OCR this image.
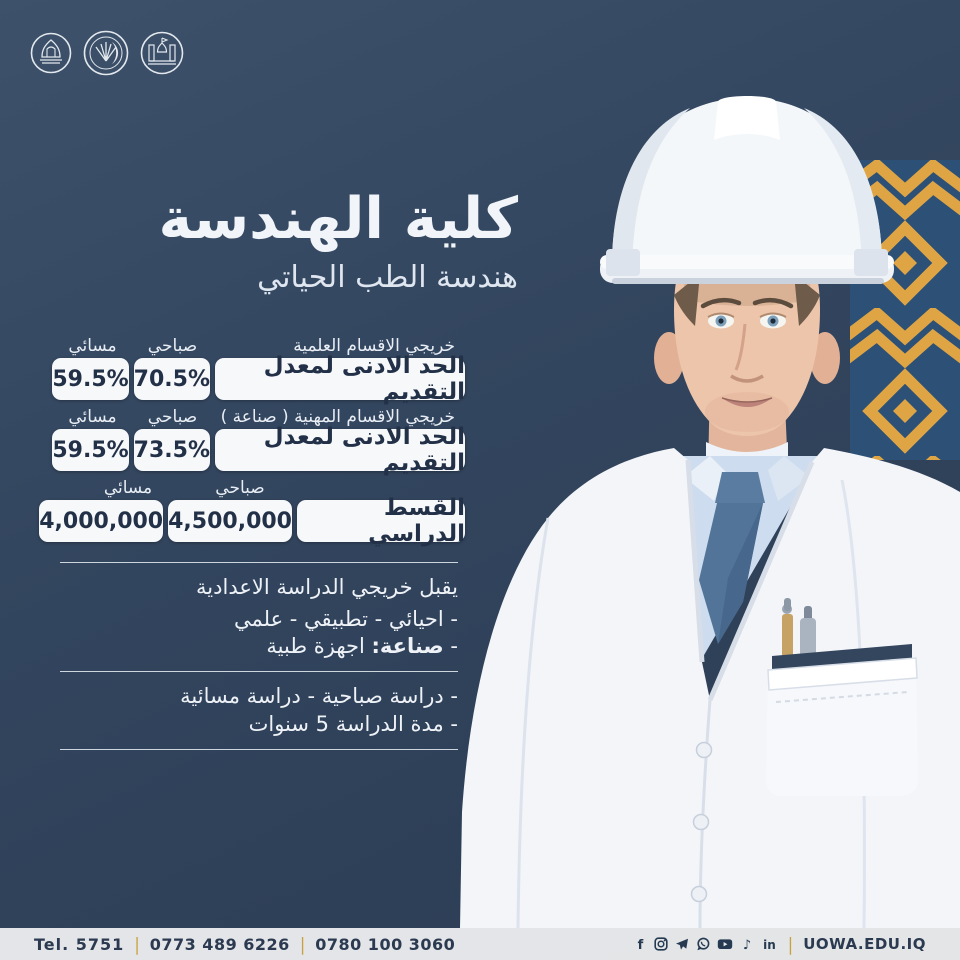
كلية الهندسة
هندسة الطب الحياتي
خريجي الاقسام العلمية
صباحي
مسائي
الحد الادنى لمعدل التقديم
70.5%
59.5%
خريجي الاقسام المهنية ( صناعة )
صباحي
مسائي
الحد الادنى لمعدل التقديم
73.5%
59.5%
صباحي
مسائي
القسط الدراسي
4,500,000
4,000,000
يقبل خريجي الدراسة الاعدادية
- احيائي - تطبيقي - علمي
- صناعة: اجهزة طبية
- دراسة صباحية - دراسة مسائية
- مدة الدراسة 5 سنوات
Tel. 5751 | 0773 489 6226 | 0780 100 3060	f	♪ in | UOWA.EDU.IQ
